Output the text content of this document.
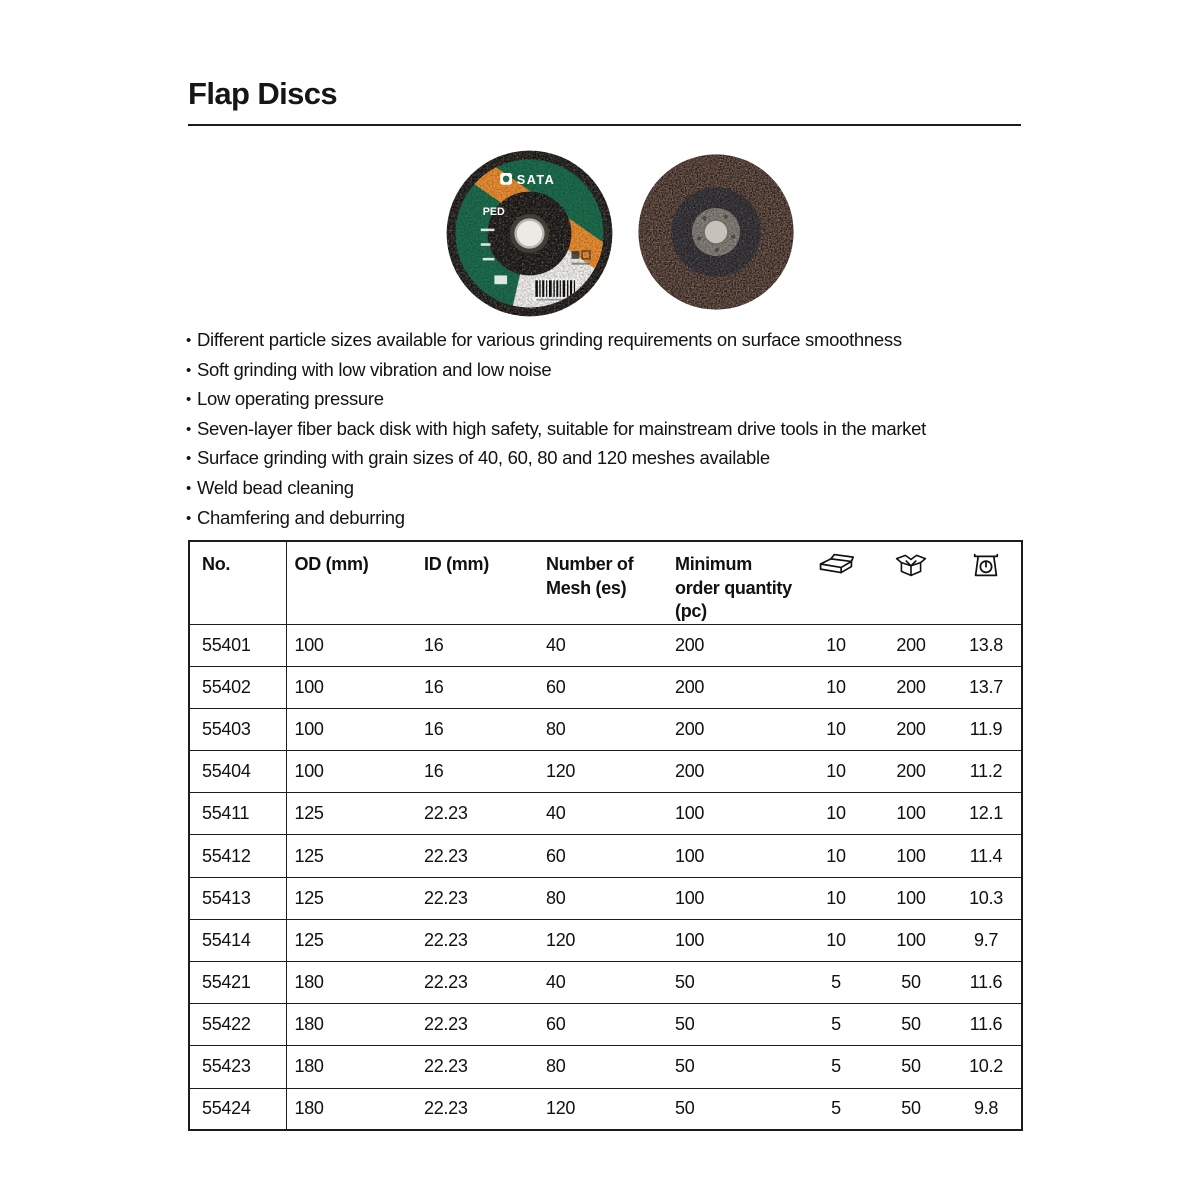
Flap Discs
SATA
PED
• Different particle sizes available for various grinding requirements on surface smoothness
• Soft grinding with low vibration and low noise
• Low operating pressure
• Seven-layer fiber back disk with high safety, suitable for mainstream drive tools in the market
• Surface grinding with grain sizes of 40, 60, 80 and 120 meshes available
• Weld bead cleaning
• Chamfering and deburring
No.	OD (mm)	ID (mm)	Number of Mesh (es)	Minimum order quantity (pc)			
55401	100	16	40	200	10	200	13.8
55402	100	16	60	200	10	200	13.7
55403	100	16	80	200	10	200	11.9
55404	100	16	120	200	10	200	11.2
55411	125	22.23	40	100	10	100	12.1
55412	125	22.23	60	100	10	100	11.4
55413	125	22.23	80	100	10	100	10.3
55414	125	22.23	120	100	10	100	9.7
55421	180	22.23	40	50	5	50	11.6
55422	180	22.23	60	50	5	50	11.6
55423	180	22.23	80	50	5	50	10.2
55424	180	22.23	120	50	5	50	9.8
